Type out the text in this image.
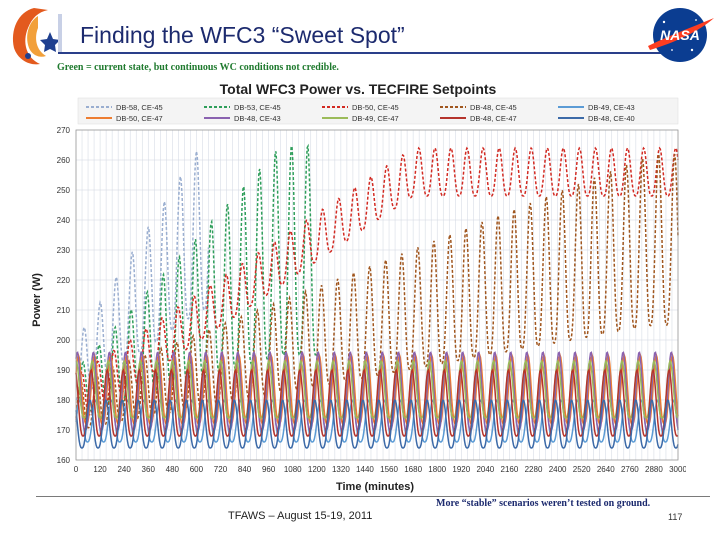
Finding the WFC3 “Sweet Spot”	NASA
Green = current state, but continuous WC conditions not credible.
Total WFC3 Power vs. TECFIRE Setpoints
DB-58, CE-45	DB-53, CE-45	DB-50, CE-45	DB-48, CE-45	DB-49, CE-43
DB-50, CE-47	DB-48, CE-43	DB-49, CE-47	DB-48, CE-47	DB-48, CE-40
160
170
180
190
200
210
220
230
240
250
260
270
0 120 240 360 480 600 720 840 960 1080 1200 1320 1440 1560 1680 1800 1920 2040 2160 2280 2400 2520 2640 2760 2880 3000
Time (minutes)
Power (W)
TFAWS – August 15-19, 2011
More “stable” scenarios weren’t tested on ground.
117
